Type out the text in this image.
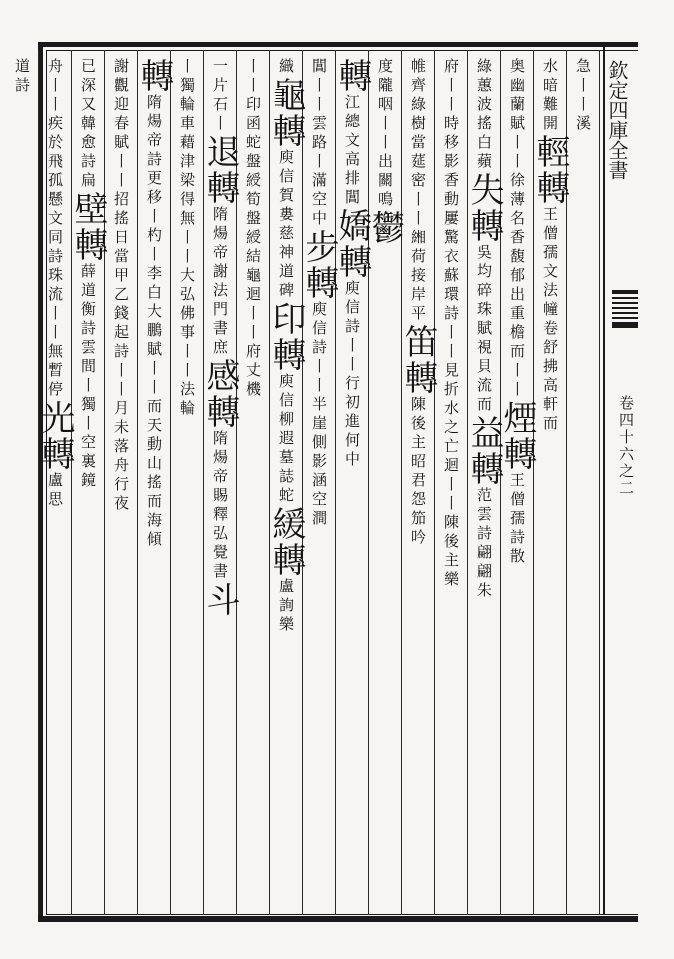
欽定四庫全書
卷四十六之二
急丨丨溪
水暗難開輕轉王僧孺文法幢卷舒拂高軒而
奥幽蘭賦丨丨徐薄名香馥郁出重檐而丨丨煙轉王僧孺詩散
綠蕙波搖白蘋失轉吳均碎珠賦視貝流而益轉范雲詩翩翩朱
府丨丨時移影香動屢驚衣蘇環詩丨丨見折水之亡迴丨丨陳後主樂
帷齊綠樹當莚密丨丨緗荷接岸平笛轉陳後主昭君怨笳吟
度隴咽丨丨出關鳴鬱
轉江總文高排閶嬌轉庾信詩丨丨行初進何中
閶丨丨雲路丨滿空中步轉庾信詩丨丨半崖側影涵空澗
織龜轉庾信賀婁慈神道碑印轉庾信柳遐墓誌蛇緩轉盧詢樂
丨丨印函蛇盤綬筍盤綬結龜迴丨丨府丈機
一片石丨退轉隋煬帝謝法門書庶感轉隋煬帝賜釋弘覺書斗
丨獨輪車藉津梁得無丨丨大弘佛事丨丨法輪
轉隋煬帝詩更移丨杓丨李白大鵬賦丨丨而天動山搖而海傾
謝觀迎春賦丨丨招搖日當甲乙錢起詩丨丨月未落舟行夜
已深又韓愈詩扁壁轉薛道衡詩雲間丨獨丨空裏鏡
舟丨丨疾於飛孤懸文同詩珠流丨丨無暫停光轉盧思
道詩
